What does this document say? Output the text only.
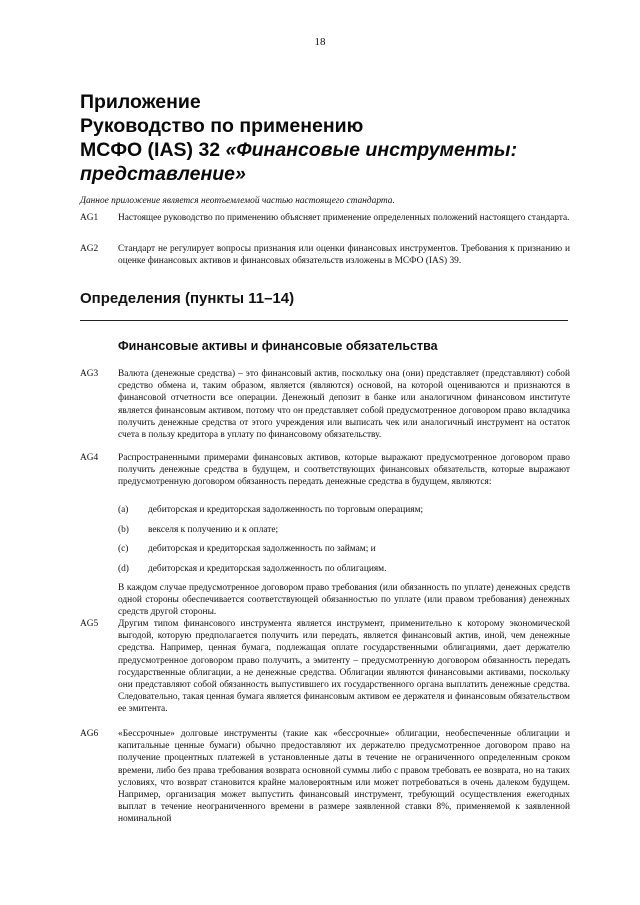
18
Приложение
Руководство по применению
МСФО (IAS) 32 «Финансовые инструменты:
представление»
Данное приложение является неотъемлемой частью настоящего стандарта.
AG1 Настоящее руководство по применению объясняет применение определенных положений настоящего стандарта.
AG2 Стандарт не регулирует вопросы признания или оценки финансовых инструментов. Требования к признанию и оценке финансовых активов и финансовых обязательств изложены в МСФО (IAS) 39.
Определения (пункты 11–14)
Финансовые активы и финансовые обязательства
AG3 Валюта (денежные средства) – это финансовый актив, поскольку она (они) представляет (представляют) собой средство обмена и, таким образом, является (являются) основой, на которой оцениваются и признаются в финансовой отчетности все операции. Денежный депозит в банке или аналогичном финансовом институте является финансовым активом, потому что он представляет собой предусмотренное договором право вкладчика получить денежные средства от этого учреждения или выписать чек или аналогичный инструмент на остаток счета в пользу кредитора в уплату по финансовому обязательству.
AG4 Распространенными примерами финансовых активов, которые выражают предусмотренное договором право получить денежные средства в будущем, и соответствующих финансовых обязательств, которые выражают предусмотренную договором обязанность передать денежные средства в будущем, являются:
(a) дебиторская и кредиторская задолженность по торговым операциям;
(b) векселя к получению и к оплате;
(c) дебиторская и кредиторская задолженность по займам; и
(d) дебиторская и кредиторская задолженность по облигациям.
В каждом случае предусмотренное договором право требования (или обязанность по уплате) денежных средств одной стороны обеспечивается соответствующей обязанностью по уплате (или правом требования) денежных средств другой стороны.
AG5 Другим типом финансового инструмента является инструмент, применительно к которому экономической выгодой, которую предполагается получить или передать, является финансовый актив, иной, чем денежные средства. Например, ценная бумага, подлежащая оплате государственными облигациями, дает держателю предусмотренное договором право получить, а эмитенту – предусмотренную договором обязанность передать государственные облигации, а не денежные средства. Облигации являются финансовыми активами, поскольку они представляют собой обязанность выпустившего их государственного органа выплатить денежные средства. Следовательно, такая ценная бумага является финансовым активом ее держателя и финансовым обязательством ее эмитента.
AG6 «Бессрочные» долговые инструменты (такие как «бессрочные» облигации, необеспеченные облигации и капитальные ценные бумаги) обычно предоставляют их держателю предусмотренное договором право на получение процентных платежей в установленные даты в течение не ограниченного определенным сроком времени, либо без права требования возврата основной суммы либо с правом требовать ее возврата, но на таких условиях, что возврат становится крайне маловероятным или может потребоваться в очень далеком будущем. Например, организация может выпустить финансовый инструмент, требующий осуществления ежегодных выплат в течение неограниченного времени в размере заявленной ставки 8%, применяемой к заявленной номинальной
